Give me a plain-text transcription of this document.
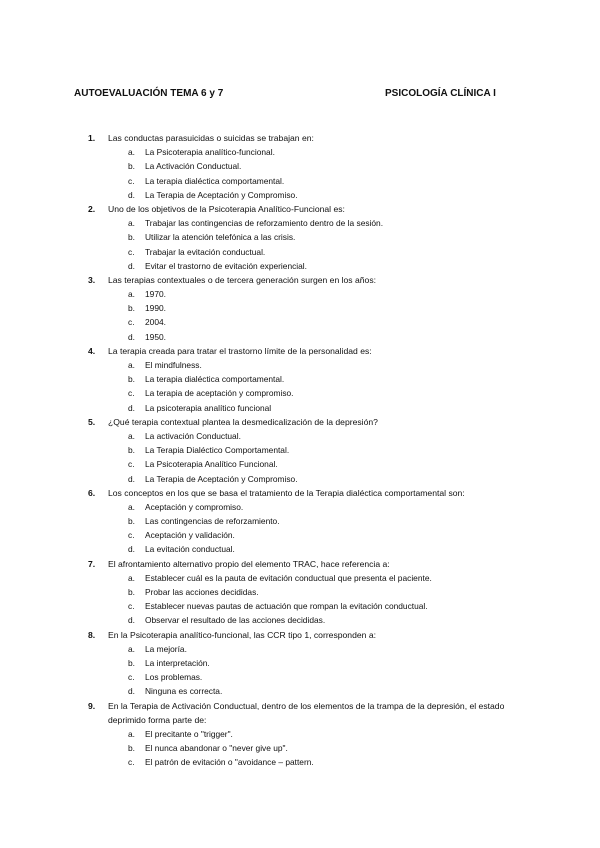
AUTOEVALUACIÓN TEMA 6 y 7	PSICOLOGÍA CLÍNICA I
1. Las conductas parasuicidas o suicidas se trabajan en:
a. La Psicoterapia analítico-funcional.
b. La Activación Conductual.
c. La terapia dialéctica comportamental.
d. La Terapia de Aceptación y Compromiso.
2. Uno de los objetivos de la Psicoterapia Analítico-Funcional es:
a. Trabajar las contingencias de reforzamiento dentro de la sesión.
b. Utilizar la atención telefónica a las crisis.
c. Trabajar la evitación conductual.
d. Evitar el trastorno de evitación experiencial.
3. Las terapias contextuales o de tercera generación surgen en los años:
a. 1970.
b. 1990.
c. 2004.
d. 1950.
4. La terapia creada para tratar el trastorno límite de la personalidad es:
a. El mindfulness.
b. La terapia dialéctica comportamental.
c. La terapia de aceptación y compromiso.
d. La psicoterapia analítico funcional
5. ¿Qué terapia contextual plantea la desmedicalización de la depresión?
a. La activación Conductual.
b. La Terapia Dialéctico Comportamental.
c. La Psicoterapia Analítico Funcional.
d. La Terapia de Aceptación y Compromiso.
6. Los conceptos en los que se basa el tratamiento de la Terapia dialéctica comportamental son:
a. Aceptación y compromiso.
b. Las contingencias de reforzamiento.
c. Aceptación y validación.
d. La evitación conductual.
7. El afrontamiento alternativo propio del elemento TRAC, hace referencia a:
a. Establecer cuál es la pauta de evitación conductual que presenta el paciente.
b. Probar las acciones decididas.
c. Establecer nuevas pautas de actuación que rompan la evitación conductual.
d. Observar el resultado de las acciones decididas.
8. En la Psicoterapia analítico-funcional, las CCR tipo 1, corresponden a:
a. La mejoría.
b. La interpretación.
c. Los problemas.
d. Ninguna es correcta.
9. En la Terapia de Activación Conductual, dentro de los elementos de la trampa de la depresión, el estado deprimido forma parte de:
a. El precitante o "trigger".
b. El nunca abandonar o "never give up".
c. El patrón de evitación o "avoidance – pattern.
